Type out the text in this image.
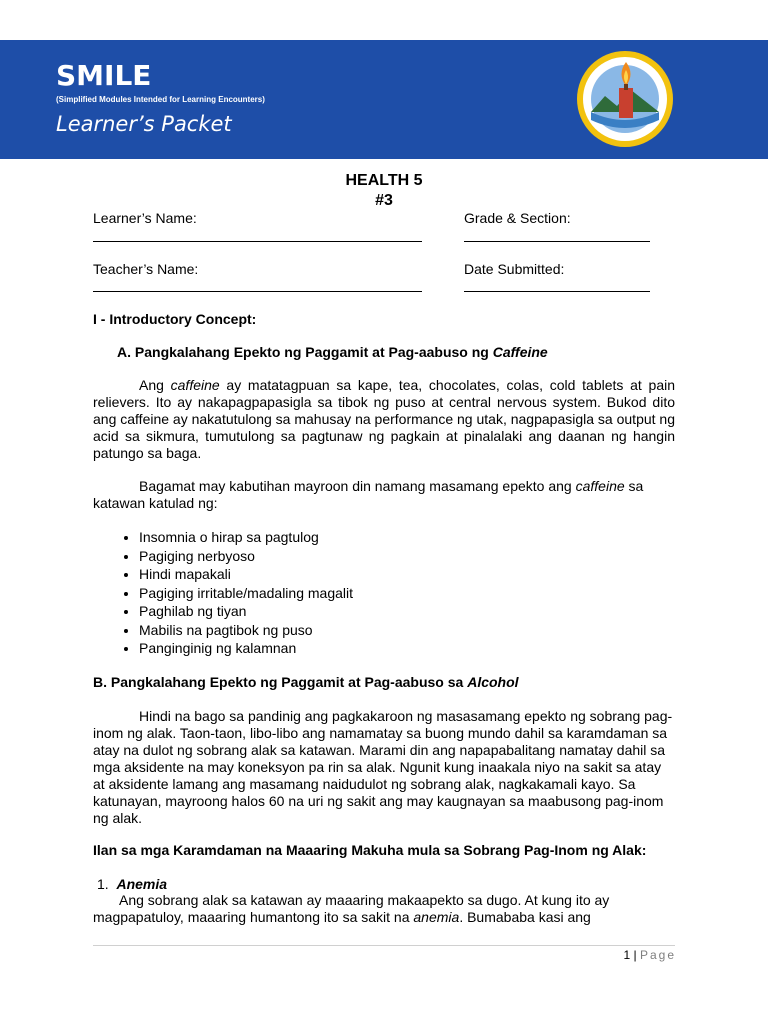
SMILE
(Simplified Modules Intended for Learning Encounters)
Learner’s Packet
HEALTH 5
#3
Learner’s Name:	Grade & Section:
Teacher’s Name:	Date Submitted:
I - Introductory Concept:
A. Pangkalahang Epekto ng Paggamit at Pag-aabuso ng Caffeine
Ang caffeine ay matatagpuan sa kape, tea, chocolates, colas, cold tablets at pain relievers. Ito ay nakapagpapasigla sa tibok ng puso at central nervous system. Bukod dito ang caffeine ay nakatutulong sa mahusay na performance ng utak, nagpapasigla sa output ng acid sa sikmura, tumutulong sa pagtunaw ng pagkain at pinalalaki ang daanan ng hangin patungo sa baga.
Bagamat may kabutihan mayroon din namang masamang epekto ang caffeine sa katawan katulad ng:
• Insomnia o hirap sa pagtulog
• Pagiging nerbyoso
• Hindi mapakali
• Pagiging irritable/madaling magalit
• Paghilab ng tiyan
• Mabilis na pagtibok ng puso
• Panginginig ng kalamnan
B. Pangkalahang Epekto ng Paggamit at Pag-aabuso sa Alcohol
Hindi na bago sa pandinig ang pagkakaroon ng masasamang epekto ng sobrang pag-inom ng alak. Taon-taon, libo-libo ang namamatay sa buong mundo dahil sa karamdaman sa atay na dulot ng sobrang alak sa katawan. Marami din ang napapabalitang namatay dahil sa mga aksidente na may koneksyon pa rin sa alak. Ngunit kung inaakala niyo na sakit sa atay at aksidente lamang ang masamang naidudulot ng sobrang alak, nagkakamali kayo. Sa katunayan, mayroong halos 60 na uri ng sakit ang may kaugnayan sa maabusong pag-inom ng alak.
Ilan sa mga Karamdaman na Maaaring Makuha mula sa Sobrang Pag-Inom ng Alak:
1. Anemia
Ang sobrang alak sa katawan ay maaaring makaapekto sa dugo. At kung ito ay magpapatuloy, maaaring humantong ito sa sakit na anemia. Bumababa kasi ang
1 | Page
